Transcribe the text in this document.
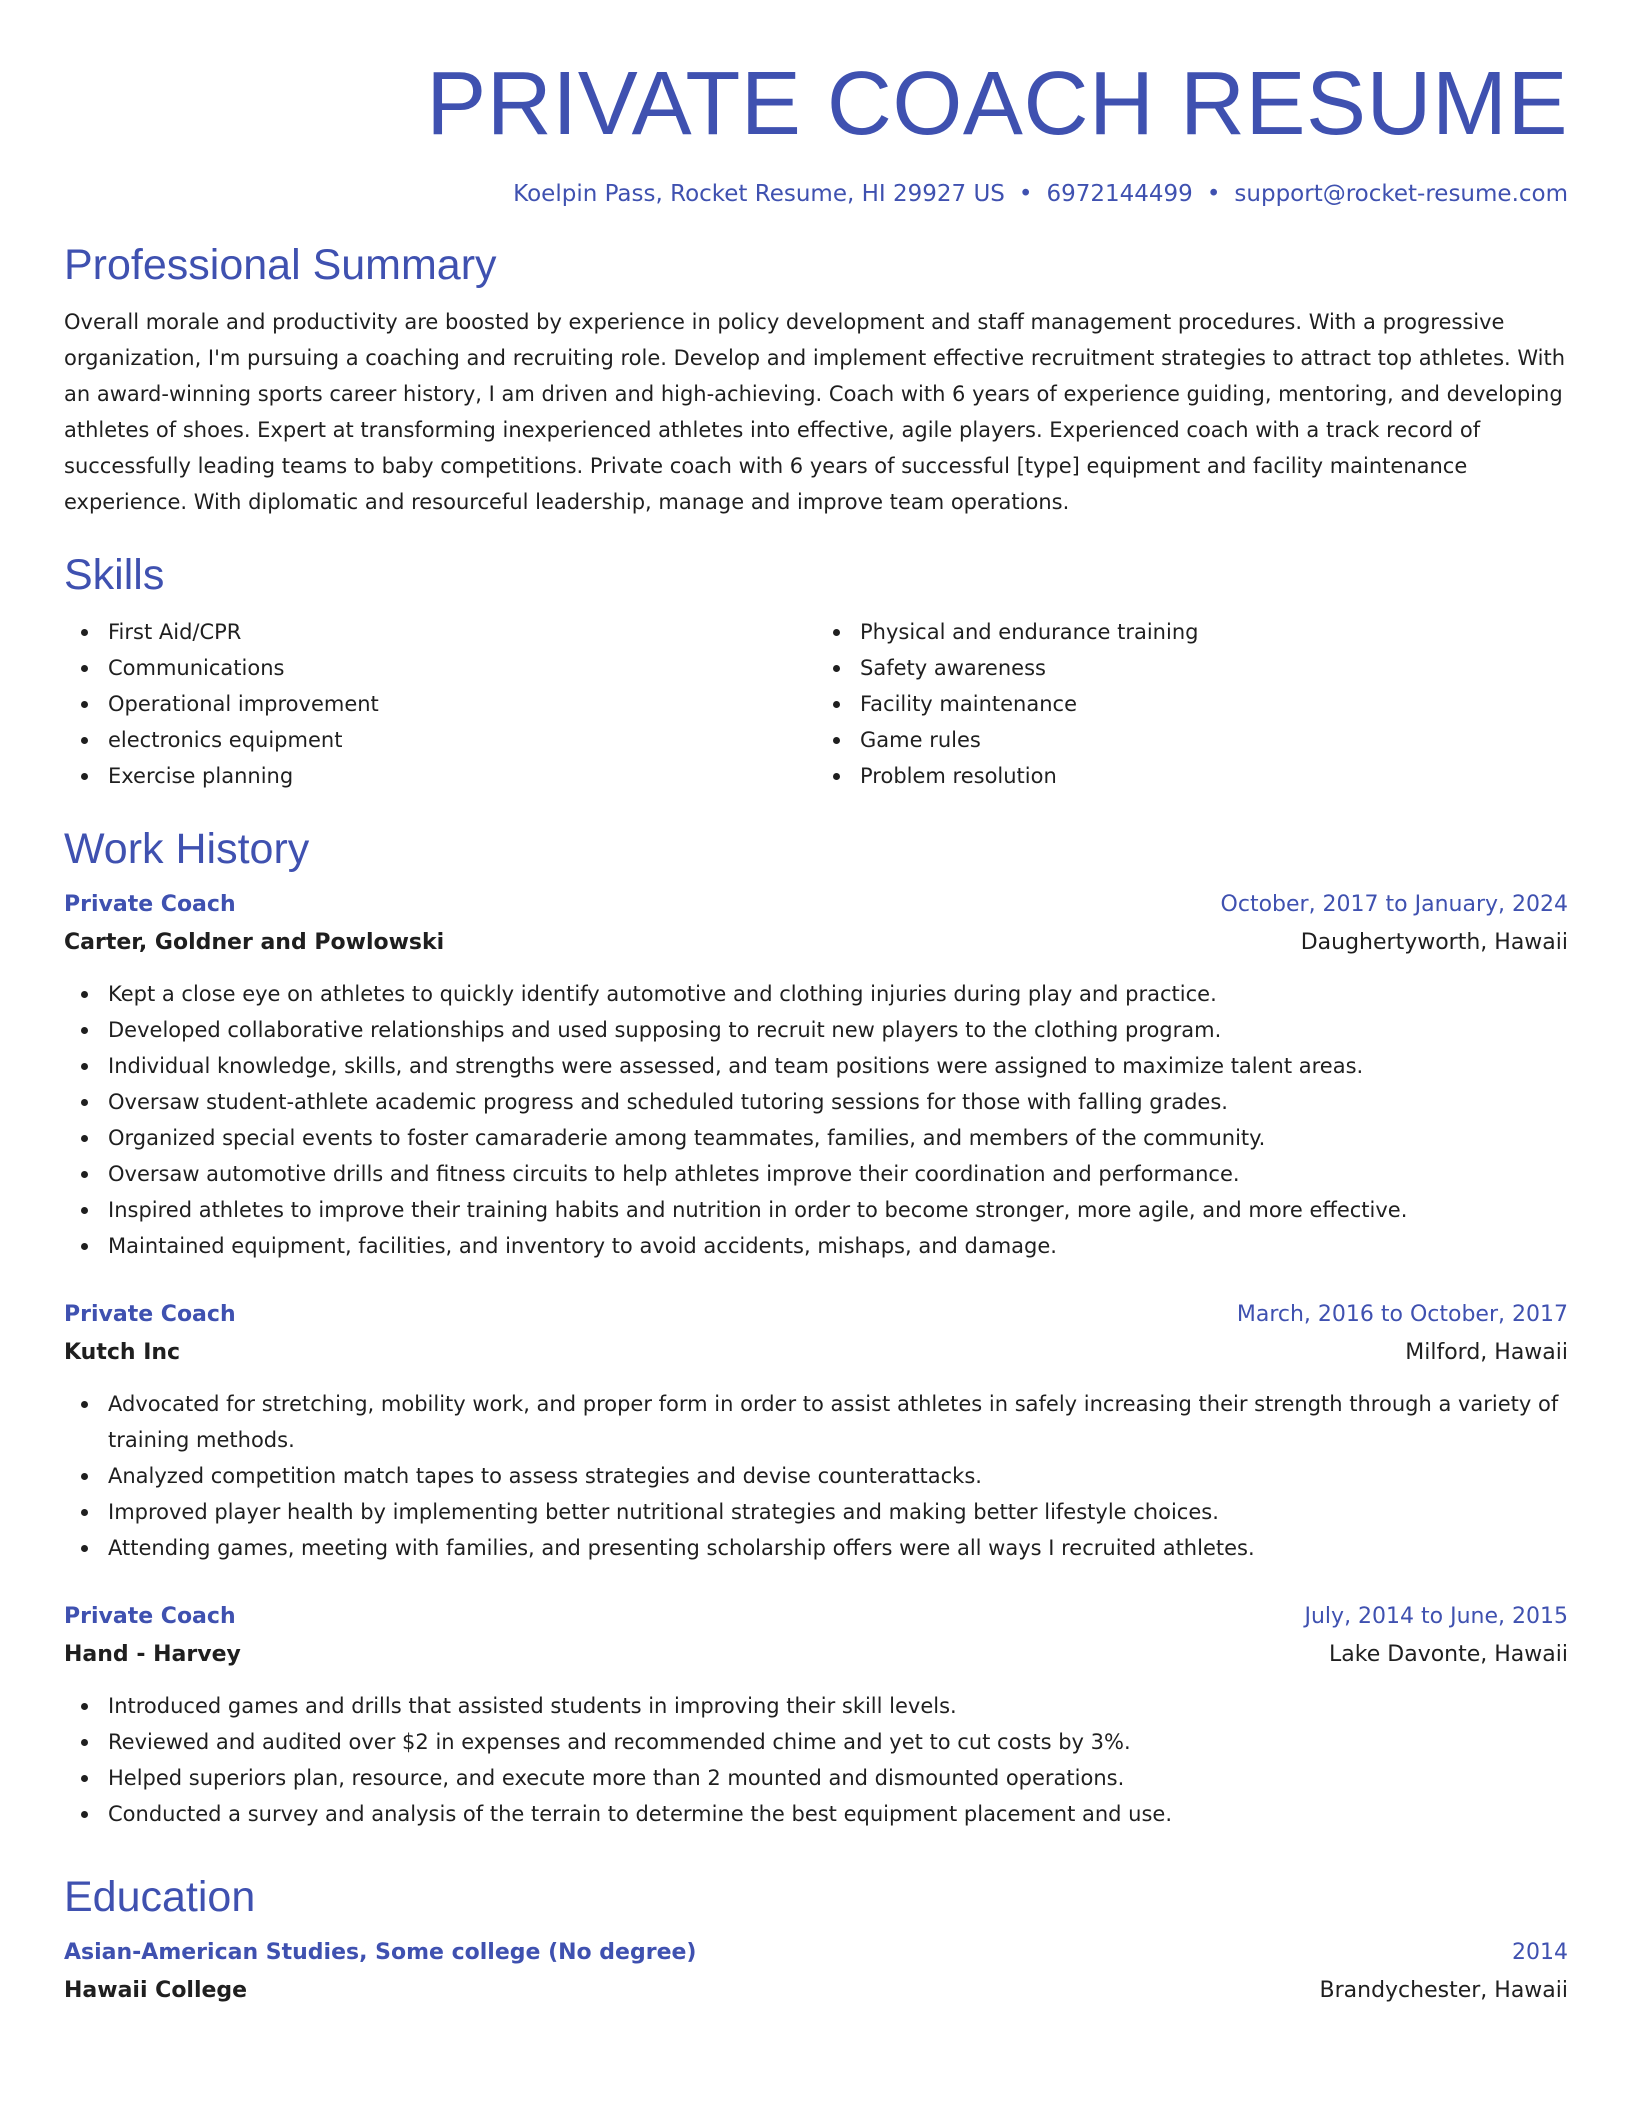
PRIVATE COACH RESUME
Koelpin Pass, Rocket Resume, HI 29927 US • 6972144499 • support@rocket-resume.com
Professional Summary

Overall morale and productivity are boosted by experience in policy development and staff management procedures. With a progressive organization, I'm pursuing a coaching and recruiting role. Develop and implement effective recruitment strategies to attract top athletes. With an award-winning sports career history, I am driven and high-achieving. Coach with 6 years of experience guiding, mentoring, and developing athletes of shoes. Expert at transforming inexperienced athletes into effective, agile players. Experienced coach with a track record of successfully leading teams to baby competitions. Private coach with 6 years of successful [type] equipment and facility maintenance experience. With diplomatic and resourceful leadership, manage and improve team operations.

Skills
First Aid/CPR
Communications
Operational improvement
electronics equipment
Exercise planning
Physical and endurance training
Safety awareness
Facility maintenance
Game rules
Problem resolution
Work History
Private Coach	October, 2017 to January, 2024
Carter, Goldner and Powlowski	Daughertyworth, Hawaii
Kept a close eye on athletes to quickly identify automotive and clothing injuries during play and practice.
Developed collaborative relationships and used supposing to recruit new players to the clothing program.
Individual knowledge, skills, and strengths were assessed, and team positions were assigned to maximize talent areas.
Oversaw student-athlete academic progress and scheduled tutoring sessions for those with falling grades.
Organized special events to foster camaraderie among teammates, families, and members of the community.
Oversaw automotive drills and fitness circuits to help athletes improve their coordination and performance.
Inspired athletes to improve their training habits and nutrition in order to become stronger, more agile, and more effective.
Maintained equipment, facilities, and inventory to avoid accidents, mishaps, and damage.
Private Coach	March, 2016 to October, 2017
Kutch Inc	Milford, Hawaii
Advocated for stretching, mobility work, and proper form in order to assist athletes in safely increasing their strength through a variety of training methods.
Analyzed competition match tapes to assess strategies and devise counterattacks.
Improved player health by implementing better nutritional strategies and making better lifestyle choices.
Attending games, meeting with families, and presenting scholarship offers were all ways I recruited athletes.
Private Coach	July, 2014 to June, 2015
Hand - Harvey	Lake Davonte, Hawaii
Introduced games and drills that assisted students in improving their skill levels.
Reviewed and audited over $2 in expenses and recommended chime and yet to cut costs by 3%.
Helped superiors plan, resource, and execute more than 2 mounted and dismounted operations.
Conducted a survey and analysis of the terrain to determine the best equipment placement and use.
Education
Asian-American Studies, Some college (No degree)	2014
Hawaii College	Brandychester, Hawaii
